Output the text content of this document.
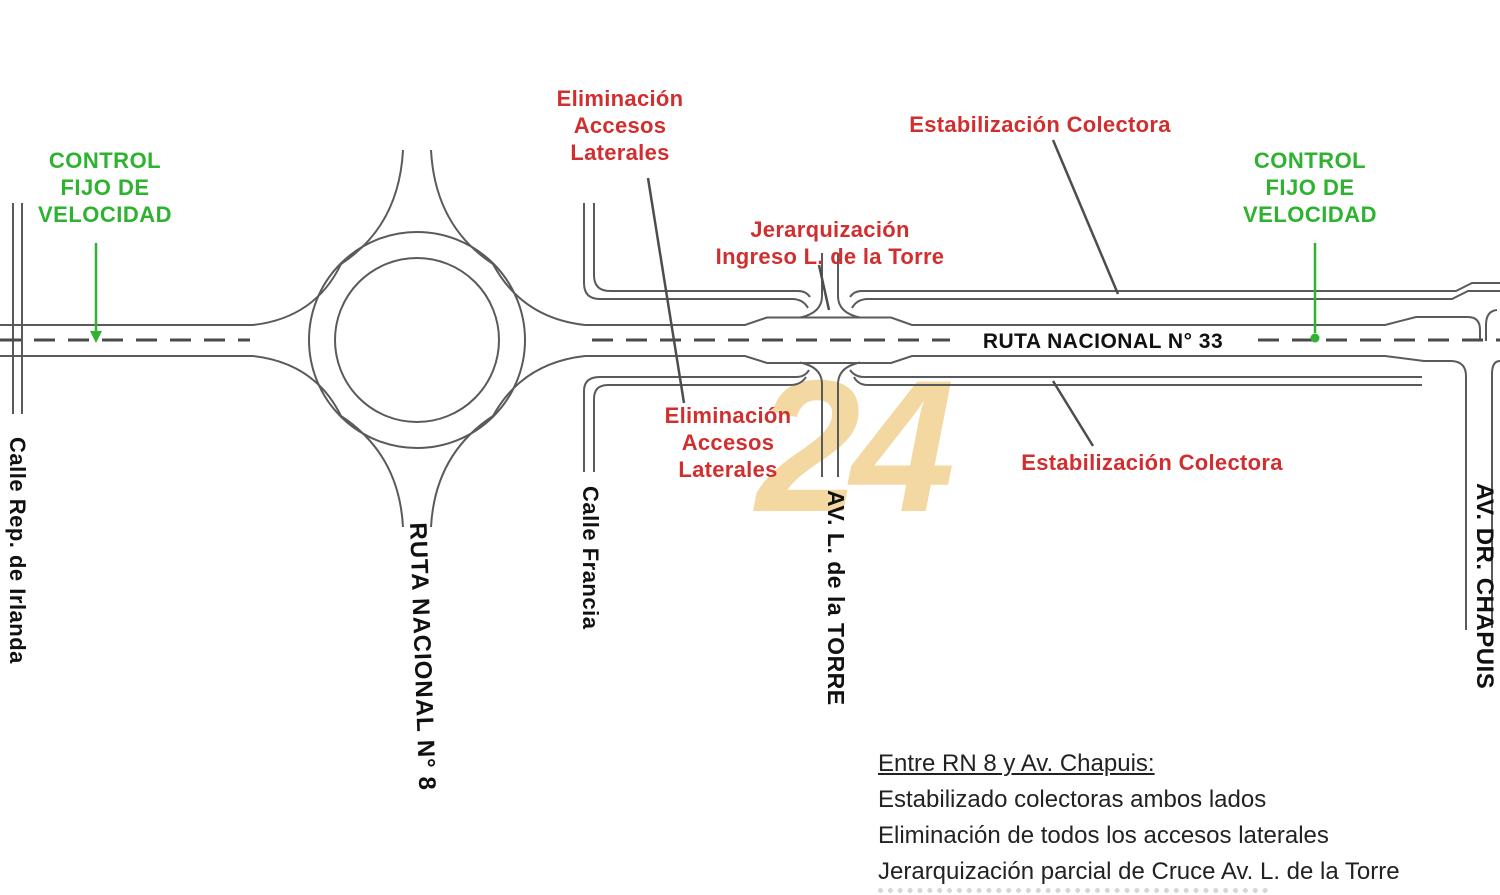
24
CONTROL
FIJO DE
VELOCIDAD
CONTROL
FIJO DE
VELOCIDAD
Eliminación
Accesos
Laterales
Estabilización Colectora
Jerarquización
Ingreso L. de la Torre
Eliminación
Accesos
Laterales	Estabilización Colectora
RUTA NACIONAL N° 33
Calle Rep. de Irlanda	RUTA NACIONAL N° 8	Calle Francia	AV. L. de la TORRE	AV. DR. CHAPUIS
Entre RN 8 y Av. Chapuis:
Estabilizado colectoras ambos lados
Eliminación de todos los accesos laterales
Jerarquización parcial de Cruce Av. L. de la Torre
